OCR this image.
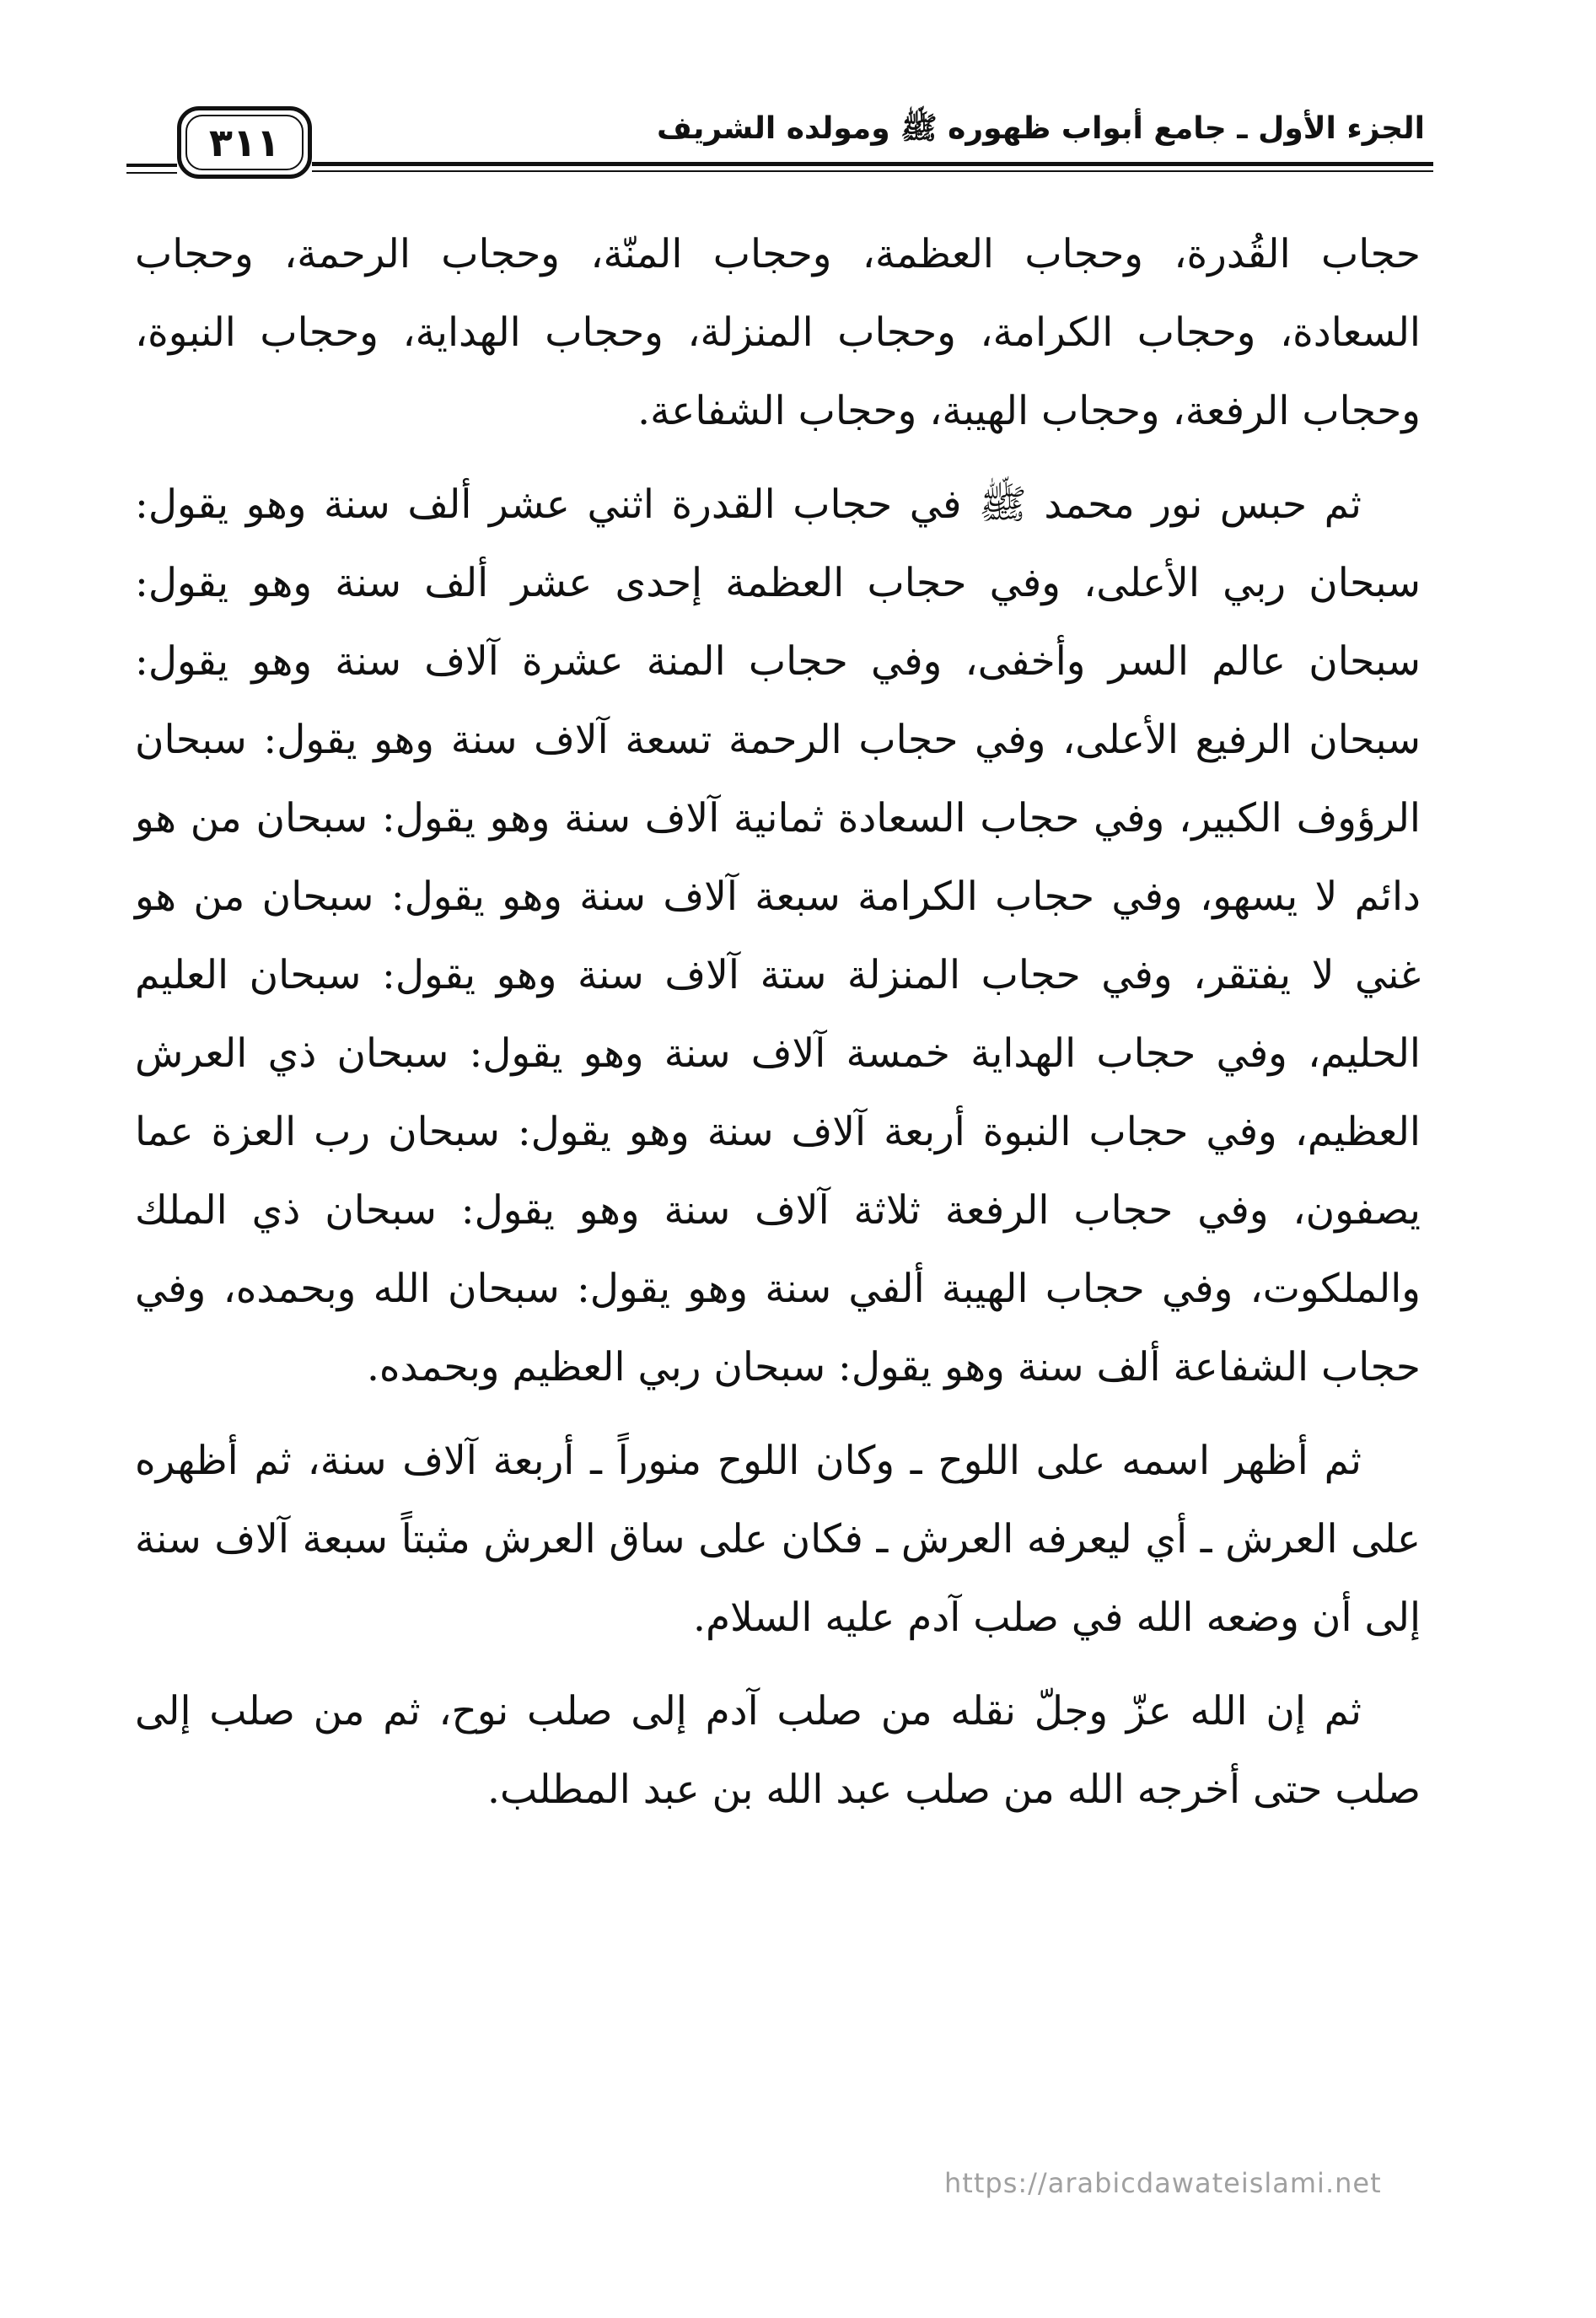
الجزء الأول ـ جامع أبواب ظهوره ﷺ ومولده الشريف
٣١١

حجاب القُدرة، وحجاب العظمة، وحجاب المنّة، وحجاب الرحمة، وحجاب السعادة، وحجاب الكرامة، وحجاب المنزلة، وحجاب الهداية، وحجاب النبوة، وحجاب الرفعة، وحجاب الهيبة، وحجاب الشفاعة.

ثم حبس نور محمد ﷺ في حجاب القدرة اثني عشر ألف سنة وهو يقول: سبحان ربي الأعلى، وفي حجاب العظمة إحدى عشر ألف سنة وهو يقول: سبحان عالم السر وأخفى، وفي حجاب المنة عشرة آلاف سنة وهو يقول: سبحان الرفيع الأعلى، وفي حجاب الرحمة تسعة آلاف سنة وهو يقول: سبحان الرؤوف الكبير، وفي حجاب السعادة ثمانية آلاف سنة وهو يقول: سبحان من هو دائم لا يسهو، وفي حجاب الكرامة سبعة آلاف سنة وهو يقول: سبحان من هو غني لا يفتقر، وفي حجاب المنزلة ستة آلاف سنة وهو يقول: سبحان العليم الحليم، وفي حجاب الهداية خمسة آلاف سنة وهو يقول: سبحان ذي العرش العظيم، وفي حجاب النبوة أربعة آلاف سنة وهو يقول: سبحان رب العزة عما يصفون، وفي حجاب الرفعة ثلاثة آلاف سنة وهو يقول: سبحان ذي الملك والملكوت، وفي حجاب الهيبة ألفي سنة وهو يقول: سبحان الله وبحمده، وفي حجاب الشفاعة ألف سنة وهو يقول: سبحان ربي العظيم وبحمده.

ثم أظهر اسمه على اللوح ـ وكان اللوح منوراً ـ أربعة آلاف سنة، ثم أظهره على العرش ـ أي ليعرفه العرش ـ فكان على ساق العرش مثبتاً سبعة آلاف سنة إلى أن وضعه الله في صلب آدم عليه السلام.

ثم إن الله عزّ وجلّ نقله من صلب آدم إلى صلب نوح، ثم من صلب إلى صلب حتى أخرجه الله من صلب عبد الله بن عبد المطلب.

https://arabicdawateislami.net
